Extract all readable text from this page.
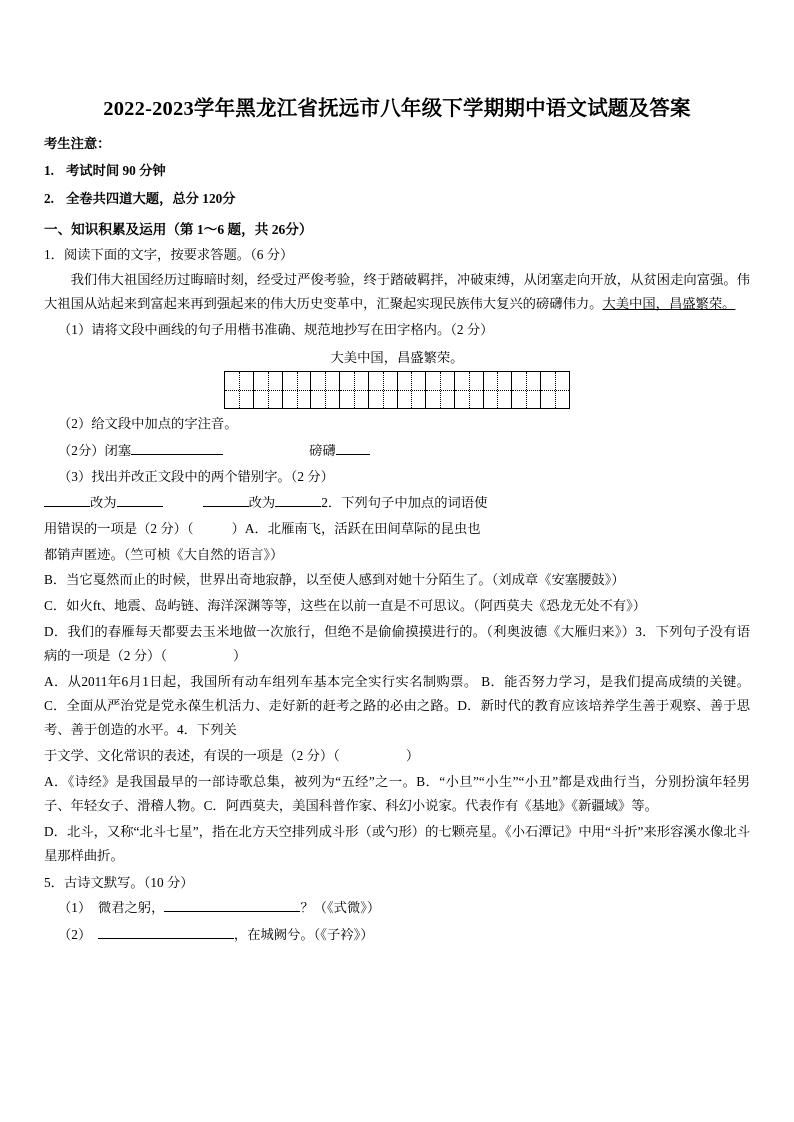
2022-2023学年黑龙江省抚远市八年级下学期期中语文试题及答案
考生注意：
1. 考试时间 90 分钟
2. 全卷共四道大题，总分 120分
一、知识积累及运用（第 1～6 题，共 26分）
1．阅读下面的文字，按要求答题。（6 分）
我们伟大祖国经历过晦暗时刻，经受过严俊考验，终于踏破羁拌，冲破束缚，从闭塞走向开放，从贫困走向富强。伟大祖国从站起来到富起来再到强起来的伟大历史变革中，汇聚起实现民族伟大复兴的磅礴伟力。大美中国，昌盛繁荣。
（1）请将文段中画线的句子用楷书准确、规范地抄写在田字格内。（2 分）
大美中国，昌盛繁荣。
（2）给文段中加点的字注音。
（2分）闭塞	磅礴
（3）找出并改正文段中的两个错别字。（2 分）
改为	改为	2．下列句子中加点的词语使
用错误的一项是（2 分）（	）A．北雁南飞，活跃在田间草际的昆虫也
都销声匿迹。（竺可桢《大自然的语言》）
B．当它戛然而止的时候，世界出奇地寂静，以至使人感到对她十分陌生了。（刘成章《安塞腰鼓》）
C．如火ft、地震、岛屿链、海洋深渊等等，这些在以前一直是不可思议。（阿西莫夫《恐龙无处不有》）
D．我们的春雁每天都要去玉米地做一次旅行，但绝不是偷偷摸摸进行的。（利奥波德《大雁归来》）3．下列句子没有语病的一项是（2 分）（	）
A．从2011年6月1日起，我国所有动车组列车基本完全实行实名制购票。 B．能否努力学习，是我们提高成绩的关键。C．全面从严治党是党永葆生机活力、走好新的赶考之路的必由之路。D．新时代的教育应该培养学生善于观察、善于思考、善于创造的水平。4．下列关
于文学、文化常识的表述，有误的一项是（2 分）（	）
A．《诗经》是我国最早的一部诗歌总集，被列为“五经”之一。B．“小旦”“小生”“小丑”都是戏曲行当，分别扮演年轻男子、年轻女子、滑稽人物。C．阿西莫夫，美国科普作家、科幻小说家。代表作有《基地》《新疆域》等。
D．北斗，又称“北斗七星”，指在北方天空排列成斗形（或勺形）的七颗亮星。《小石潭记》中用“斗折”来形容溪水像北斗星那样曲折。
5．古诗文默写。（10 分）
（1） 微君之躬，	？（《式微》）
（2）	，在城阙兮。（《子衿》）
